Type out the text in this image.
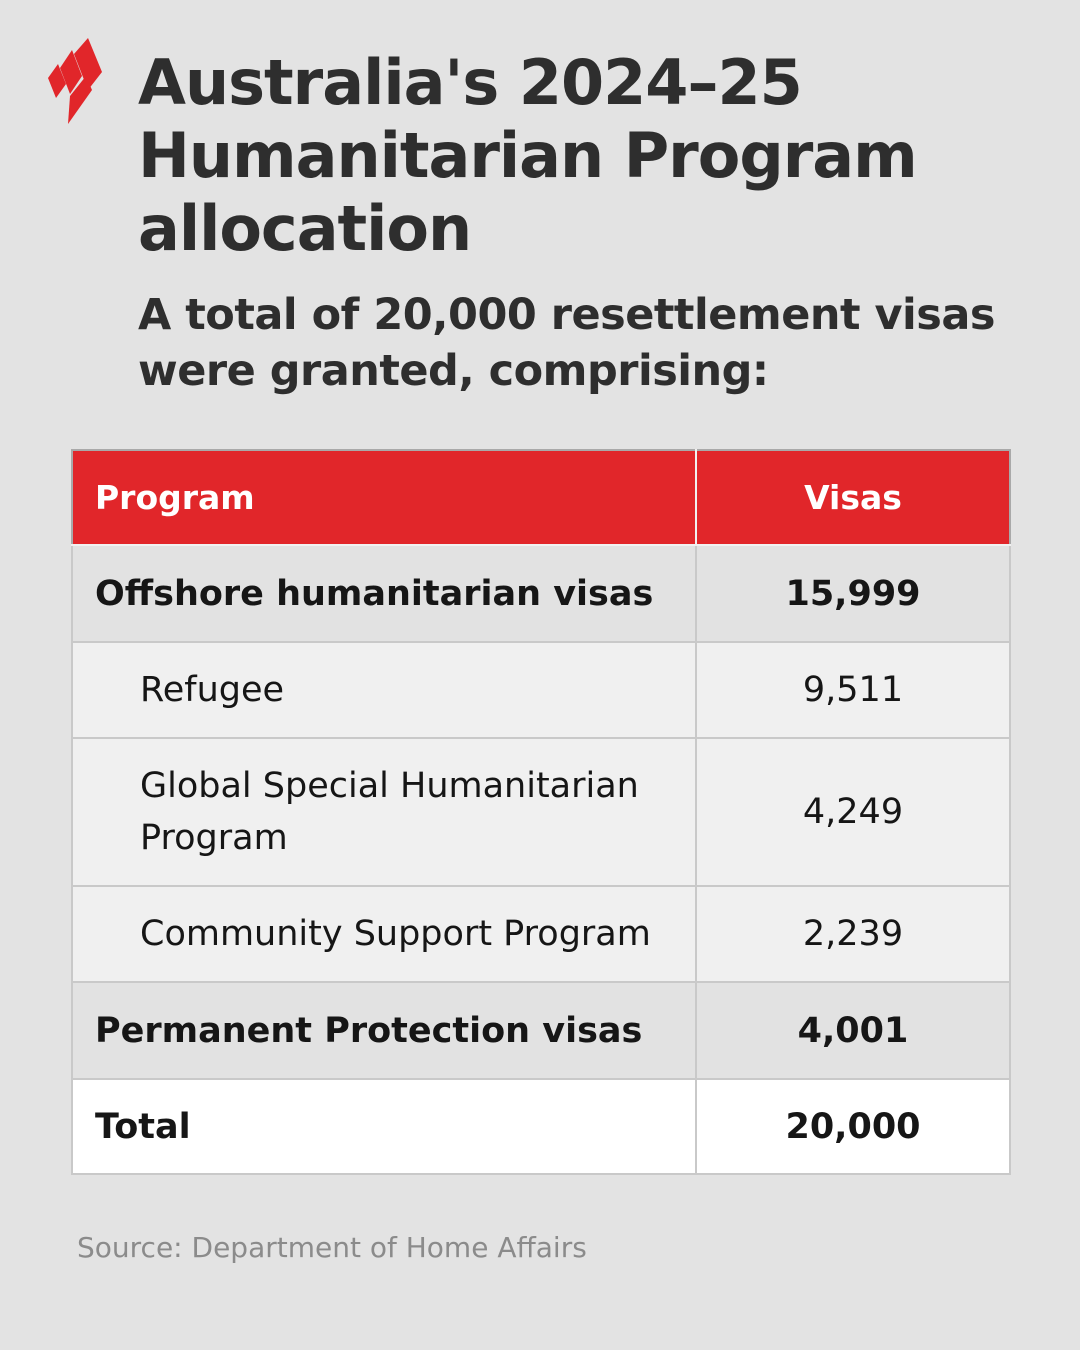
Australia's 2024–25 Humanitarian Program allocation
A total of 20,000 resettlement visas were granted, comprising:
Program	Visas
Offshore humanitarian visas	15,999
Refugee	9,511
Global Special Humanitarian Program	4,249
Community Support Program	2,239
Permanent Protection visas	4,001
Total	20,000
Source: Department of Home Affairs
